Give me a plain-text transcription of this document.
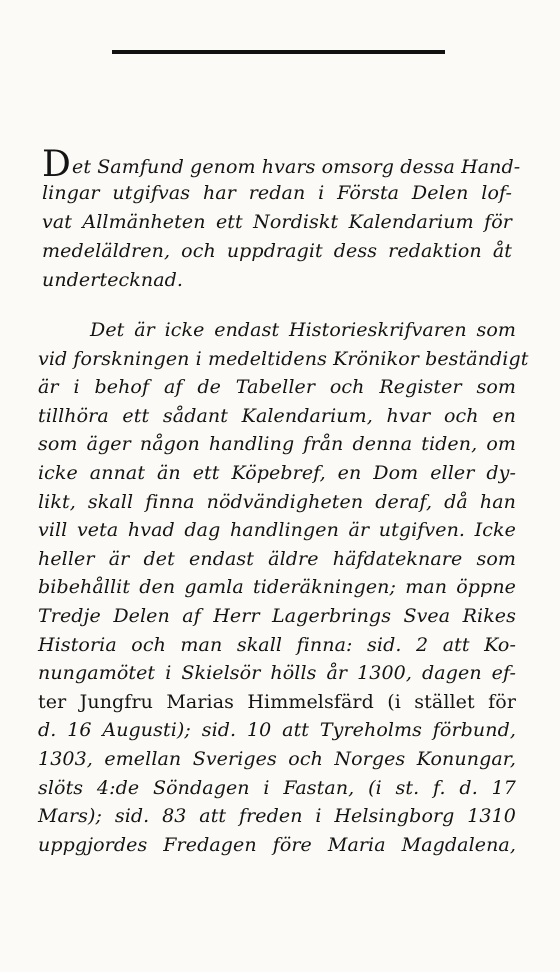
Det Samfund genom hvars omsorg dessa Hand-
lingar utgifvas har redan i Första Delen lof-
vat Allmänheten ett Nordiskt Kalendarium för
medeläldren, och uppdragit dess redaktion åt
undertecknad.
Det är icke endast Historieskrifvaren som
vid forskningen i medeltidens Krönikor beständigt
är i behof af de Tabeller och Register som
tillhöra ett sådant Kalendarium, hvar och en
som äger någon handling från denna tiden, om
icke annat än ett Köpebref, en Dom eller dy-
likt, skall finna nödvändigheten deraf, då han
vill veta hvad dag handlingen är utgifven. Icke
heller är det endast äldre häfdateknare som
bibehållit den gamla tideräkningen; man öppne
Tredje Delen af Herr Lagerbrings Svea Rikes
Historia och man skall finna: sid. 2 att Ko-
nungamötet i Skielsör hölls år 1300, dagen ef-
ter Jungfru Marias Himmelsfärd (i stället för
d. 16 Augusti); sid. 10 att Tyreholms förbund,
1303, emellan Sveriges och Norges Konungar,
slöts 4:de Söndagen i Fastan, (i st. f. d. 17
Mars); sid. 83 att freden i Helsingborg 1310
uppgjordes Fredagen före Maria Magdalena,
